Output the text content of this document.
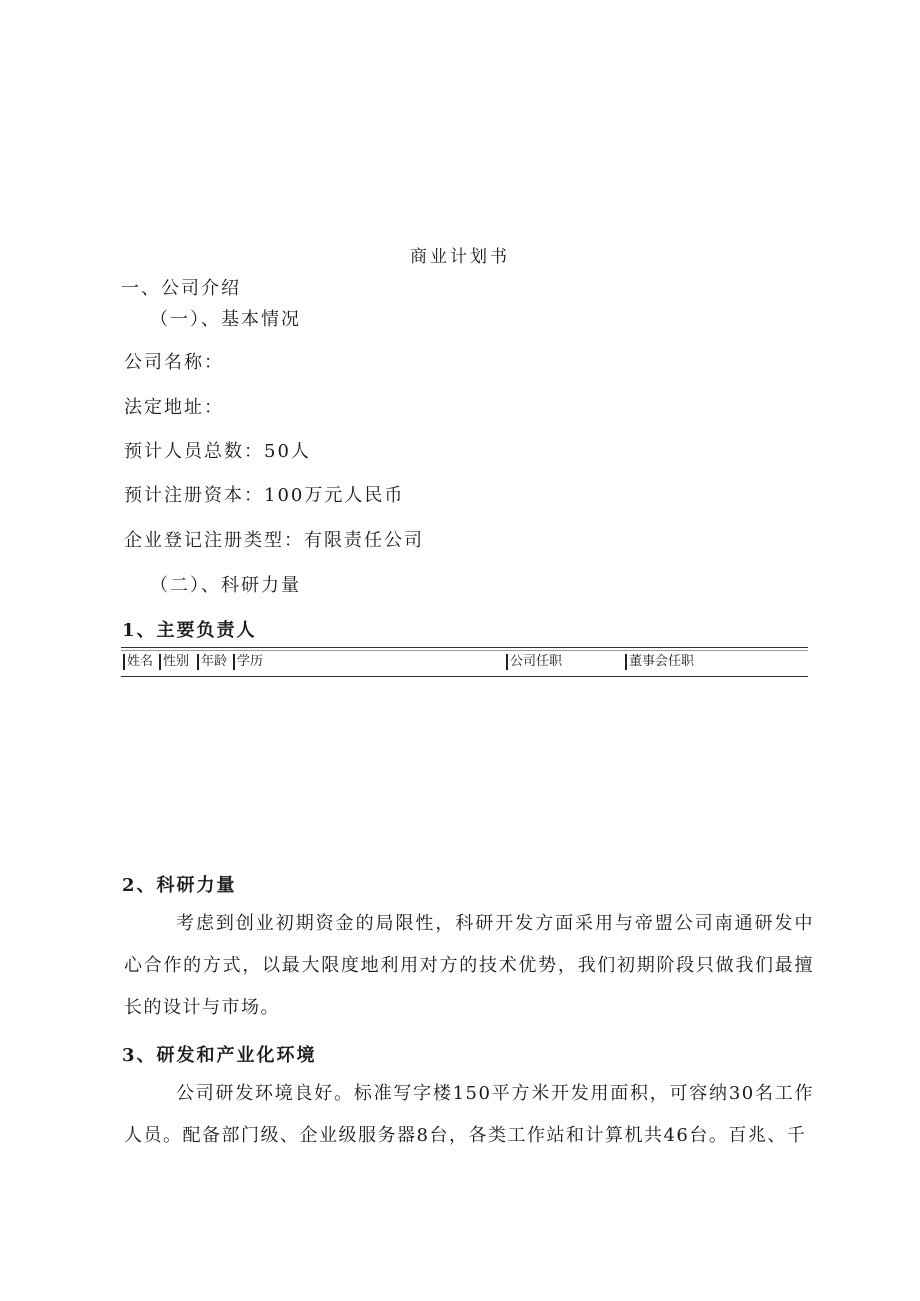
商业计划书
一、公司介绍
（一）、基本情况
公司名称：
法定地址：
预计人员总数：50人
预计注册资本：100万元人民币
企业登记注册类型：有限责任公司
（二）、科研力量
1、主要负责人
姓名 性别 年龄 学历	公司任职	董事会任职
2、科研力量
考虑到创业初期资金的局限性，科研开发方面采用与帝盟公司南通研发中心合作的方式，以最大限度地利用对方的技术优势，我们初期阶段只做我们最擅长的设计与市场。
3、研发和产业化环境
公司研发环境良好。标准写字楼150平方米开发用面积，可容纳30名工作人员。配备部门级、企业级服务器8台，各类工作站和计算机共46台。百兆、千
